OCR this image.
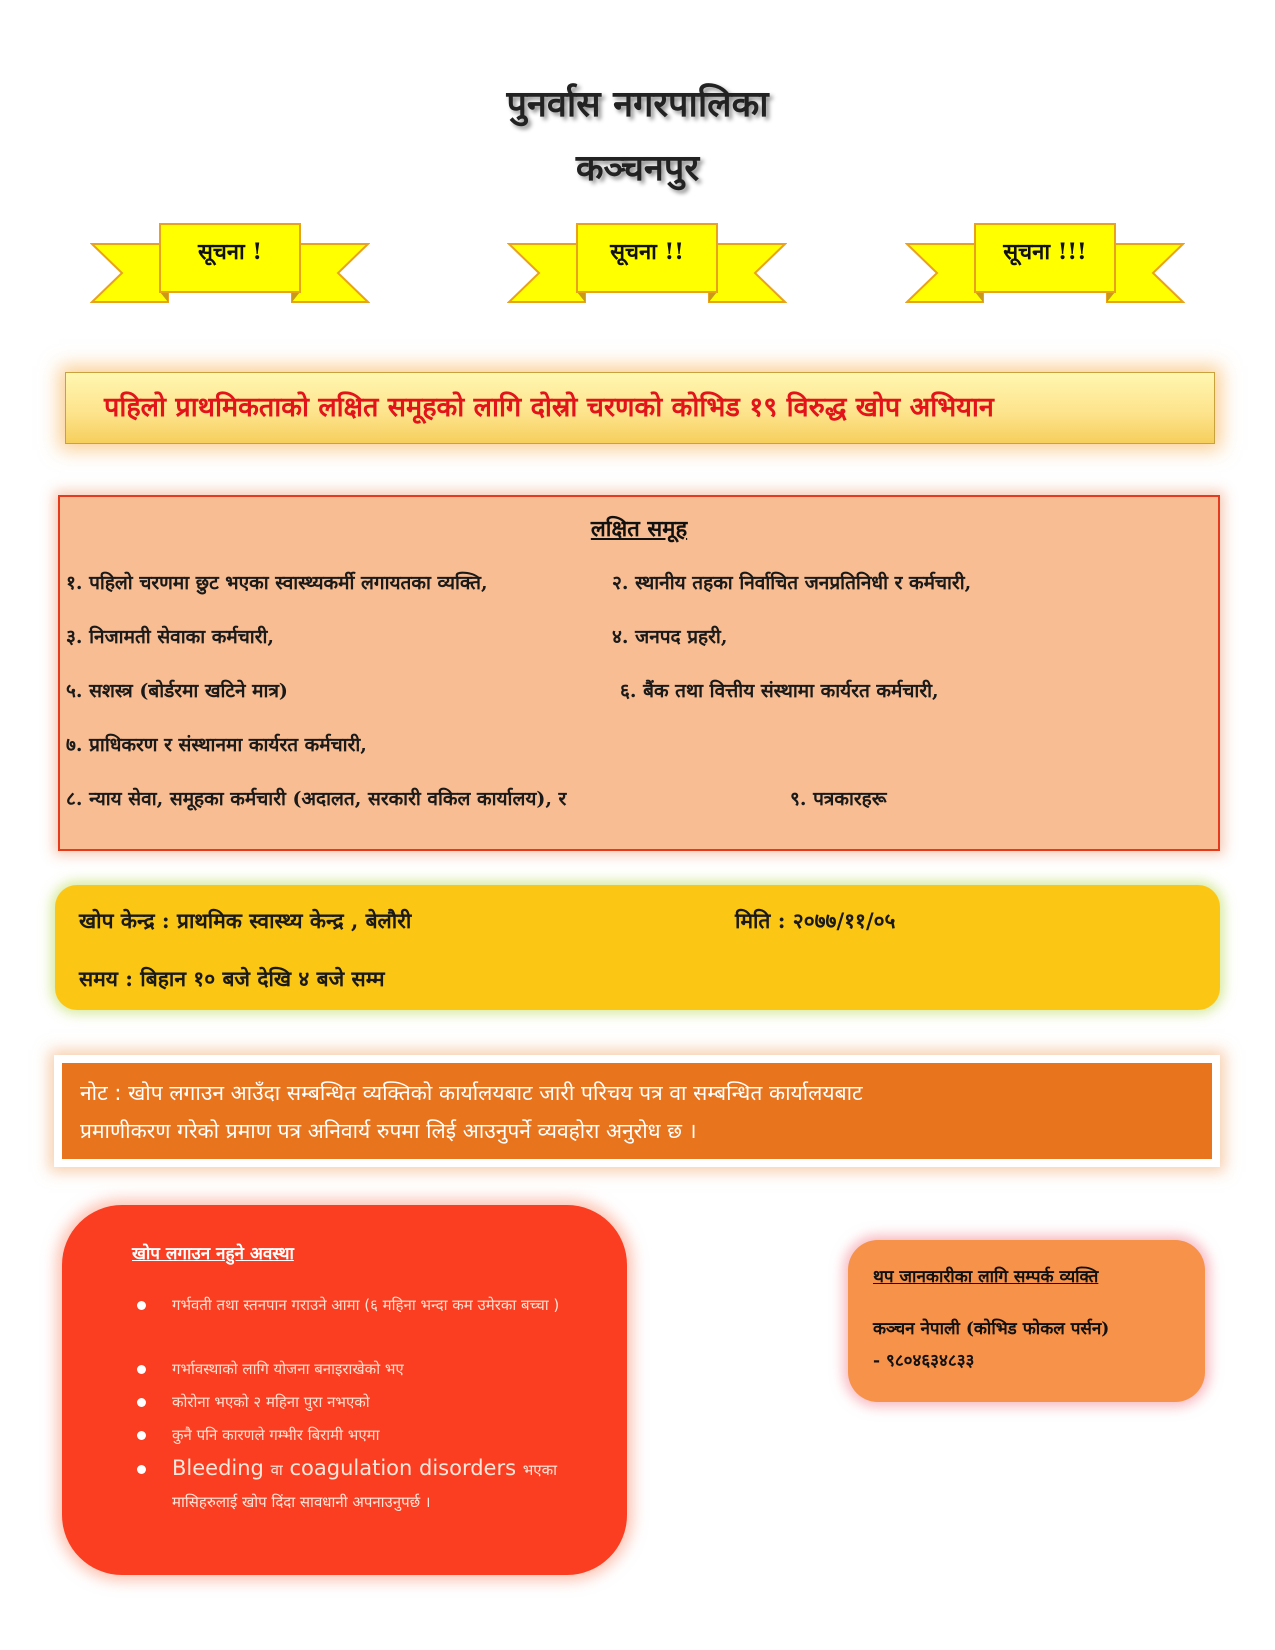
पुनर्वास नगरपालिका
कञ्चनपुर
सूचना !	सूचना !!	सूचना !!!
पहिलो प्राथमिकताको लक्षित समूहको लागि दोस्रो चरणको कोभिड १९ विरुद्ध खोप अभियान
लक्षित समूह
१. पहिलो चरणमा छुट भएका स्वास्थ्यकर्मी लगायतका व्यक्ति,	२. स्थानीय तहका निर्वाचित जनप्रतिनिधी र कर्मचारी,
३. निजामती सेवाका कर्मचारी,	४. जनपद प्रहरी,
५. सशस्त्र (बोर्डरमा खटिने मात्र)	६. बैंक तथा वित्तीय संस्थामा कार्यरत कर्मचारी,
७. प्राधिकरण र संस्थानमा कार्यरत कर्मचारी,
८. न्याय सेवा, समूहका कर्मचारी (अदालत, सरकारी वकिल कार्यालय), र	९. पत्रकारहरू
खोप केन्द्र : प्राथमिक स्वास्थ्य केन्द्र , बेलौरी	मिति : २०७७/११/०५
समय : बिहान १० बजे देखि ४ बजे सम्म
नोट : खोप लगाउन आउँदा सम्बन्धित व्यक्तिको कार्यालयबाट जारी परिचय पत्र वा सम्बन्धित कार्यालयबाट
प्रमाणीकरण गरेको प्रमाण पत्र अनिवार्य रुपमा लिई आउनुपर्ने व्यवहोरा अनुरोध छ ।
खोप लगाउन नहुने अवस्था
गर्भवती तथा स्तनपान गराउने आमा (६ महिना भन्दा कम उमेरका बच्चा )
गर्भावस्थाको लागि योजना बनाइराखेको भए
कोरोना भएको २ महिना पुरा नभएको
कुनै पनि कारणले गम्भीर बिरामी भएमा
Bleeding वा coagulation disorders भएका
मासिहरुलाई खोप दिंदा सावधानी अपनाउनुपर्छ ।
थप जानकारीका लागि सम्पर्क व्यक्ति
कञ्चन नेपाली (कोभिड फोकल पर्सन)
- ९८०४६३४८३३
